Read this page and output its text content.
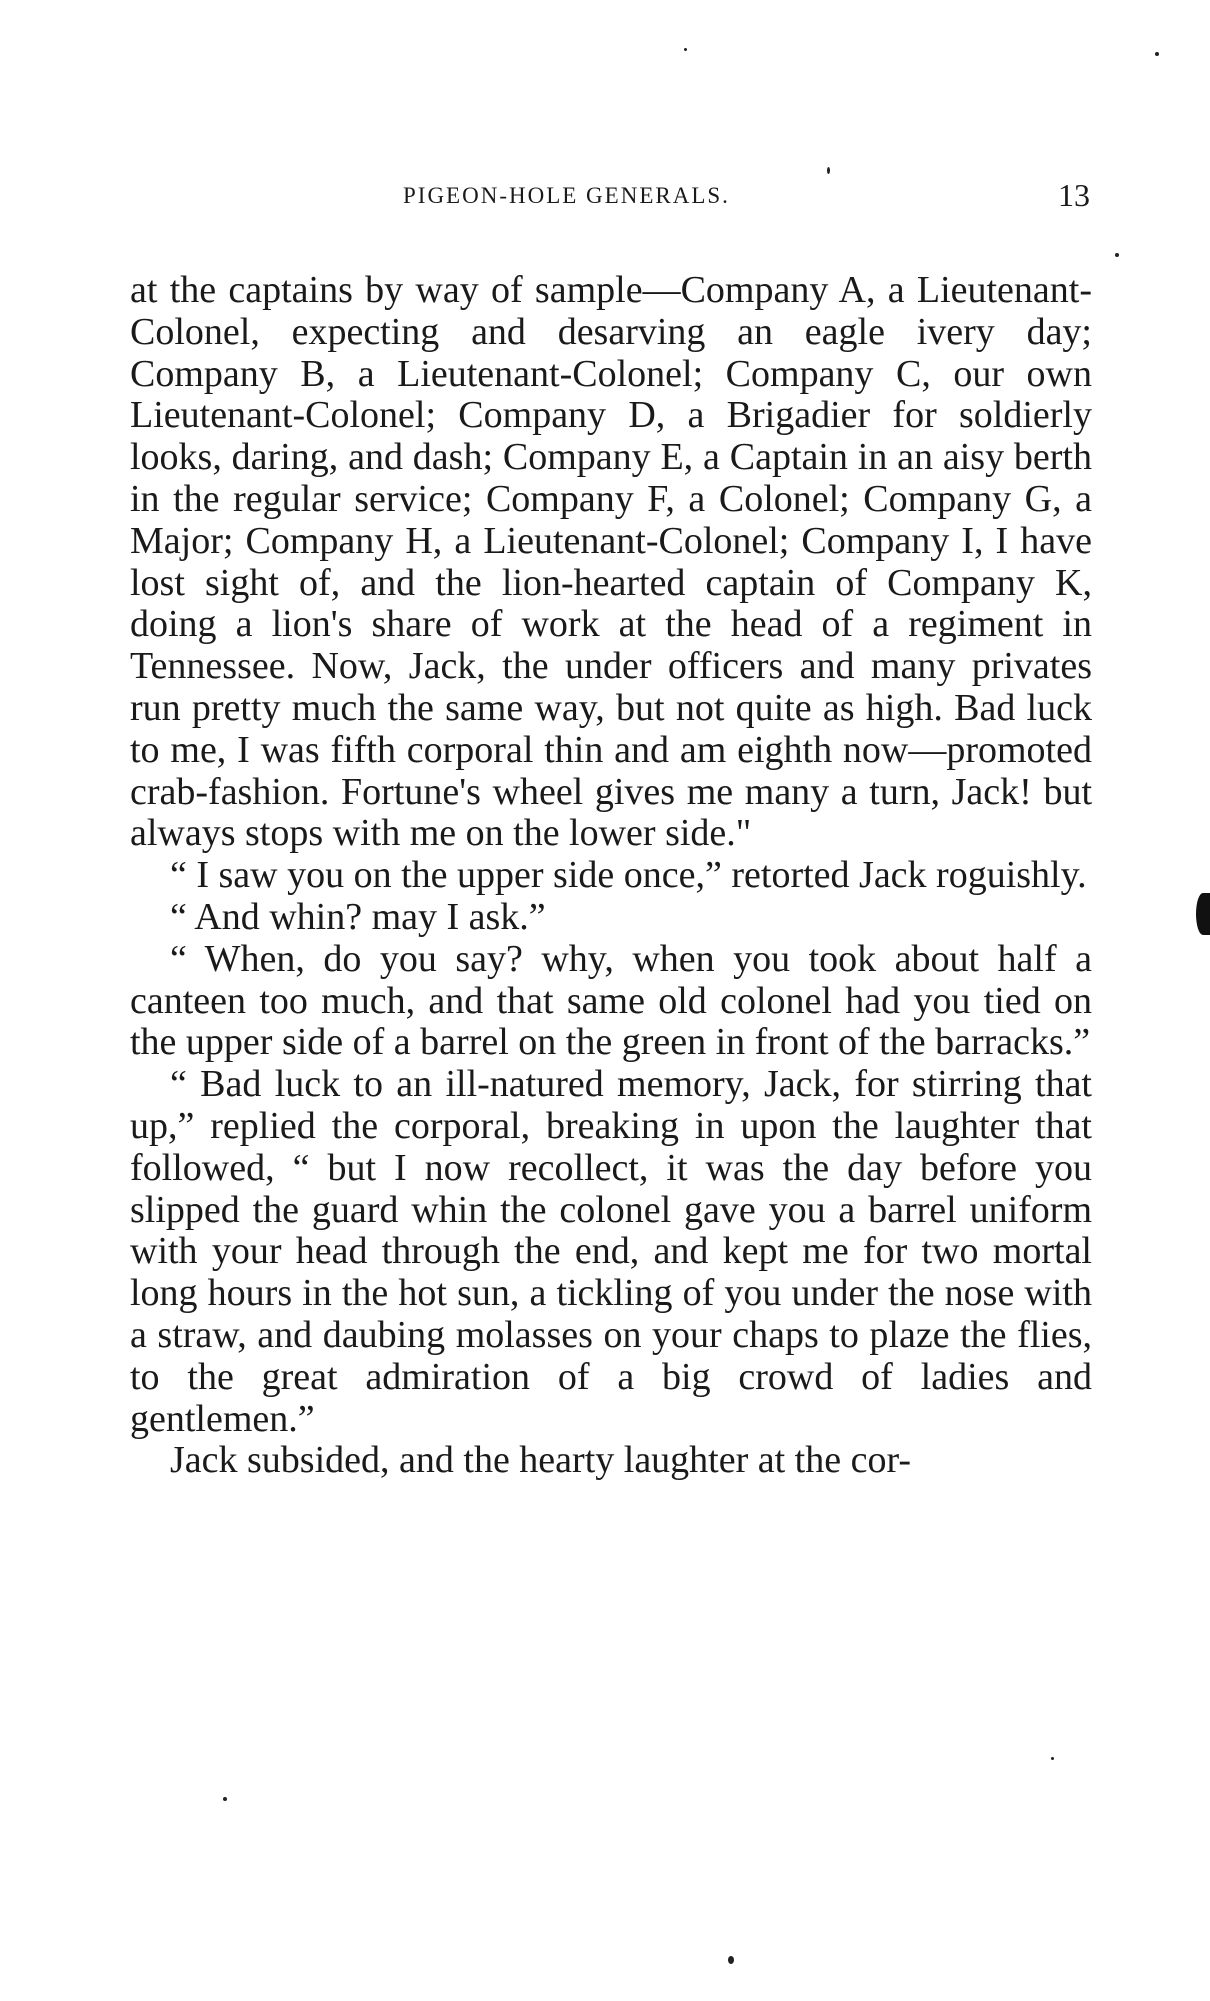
PIGEON-HOLE GENERALS.	13

at the captains by way of sample—Company A, a Lieutenant-Colonel, expecting and desarving an eagle ivery day; Company B, a Lieutenant-Colonel; Company C, our own Lieutenant-Colonel; Company D, a Brigadier for soldierly looks, daring, and dash; Company E, a Captain in an aisy berth in the regular service; Company F, a Colonel; Company G, a Major; Company H, a Lieutenant-Colonel; Company I, I have lost sight of, and the lion-hearted captain of Company K, doing a lion's share of work at the head of a regiment in Tennessee. Now, Jack, the under officers and many privates run pretty much the same way, but not quite as high. Bad luck to me, I was fifth corporal thin and am eighth now—promoted crab-fashion. Fortune's wheel gives me many a turn, Jack! but always stops with me on the lower side."

“ I saw you on the upper side once,” retorted Jack roguishly.

“ And whin? may I ask.”

“ When, do you say? why, when you took about half a canteen too much, and that same old colonel had you tied on the upper side of a barrel on the green in front of the barracks.”

“ Bad luck to an ill-natured memory, Jack, for stirring that up,” replied the corporal, breaking in upon the laughter that followed, “ but I now recollect, it was the day before you slipped the guard whin the colonel gave you a barrel uniform with your head through the end, and kept me for two mortal long hours in the hot sun, a tickling of you under the nose with a straw, and daubing molasses on your chaps to plaze the flies, to the great admiration of a big crowd of ladies and gentlemen.”

Jack subsided, and the hearty laughter at the cor-
